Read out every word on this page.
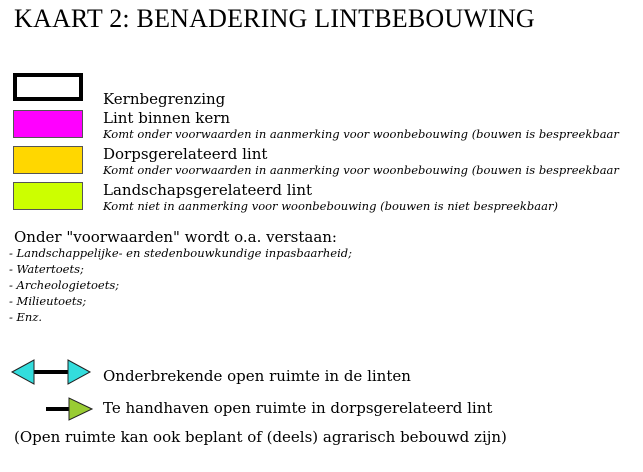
KAART 2: BENADERING LINTBEBOUWING
Kernbegrenzing
Lint binnen kern
Komt onder voorwaarden in aanmerking voor woonbebouwing (bouwen is bespreekbaar
Dorpsgerelateerd lint
Komt onder voorwaarden in aanmerking voor woonbebouwing (bouwen is bespreekbaar
Landschapsgerelateerd lint
Komt niet in aanmerking voor woonbebouwing (bouwen is niet bespreekbaar)
Onder "voorwaarden" wordt o.a. verstaan:
- Landschappelijke- en stedenbouwkundige inpasbaarheid;
- Watertoets;
- Archeologietoets;
- Milieutoets;
- Enz.
Onderbrekende open ruimte in de linten
Te handhaven open ruimte in dorpsgerelateerd lint
(Open ruimte kan ook beplant of (deels) agrarisch bebouwd zijn)
